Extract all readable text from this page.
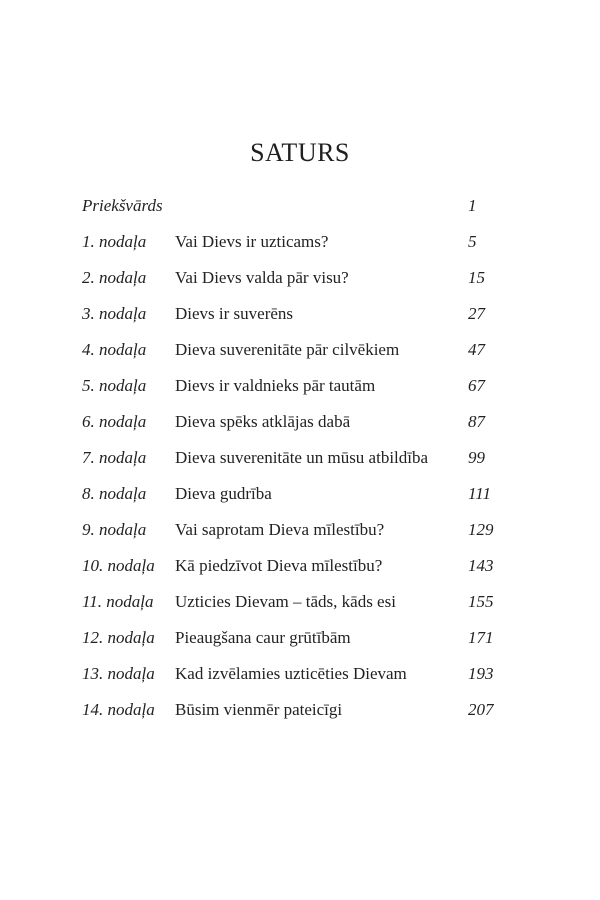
SATURS
Priekšvārds	1
1. nodaļa Vai Dievs ir uzticams?	5
2. nodaļa Vai Dievs valda pār visu?	15
3. nodaļa Dievs ir suverēns	27
4. nodaļa Dieva suverenitāte pār cilvēkiem	47
5. nodaļa Dievs ir valdnieks pār tautām	67
6. nodaļa Dieva spēks atklājas dabā	87
7. nodaļa Dieva suverenitāte un mūsu atbildība 99
8. nodaļa Dieva gudrība	111
9. nodaļa Vai saprotam Dieva mīlestību?	129
10. nodaļa Kā piedzīvot Dieva mīlestību?	143
11. nodaļa Uzticies Dievam – tāds, kāds esi	155
12. nodaļa Pieaugšana caur grūtībām	171
13. nodaļa Kad izvēlamies uzticēties Dievam	193
14. nodaļa Būsim vienmēr pateicīgi	207
